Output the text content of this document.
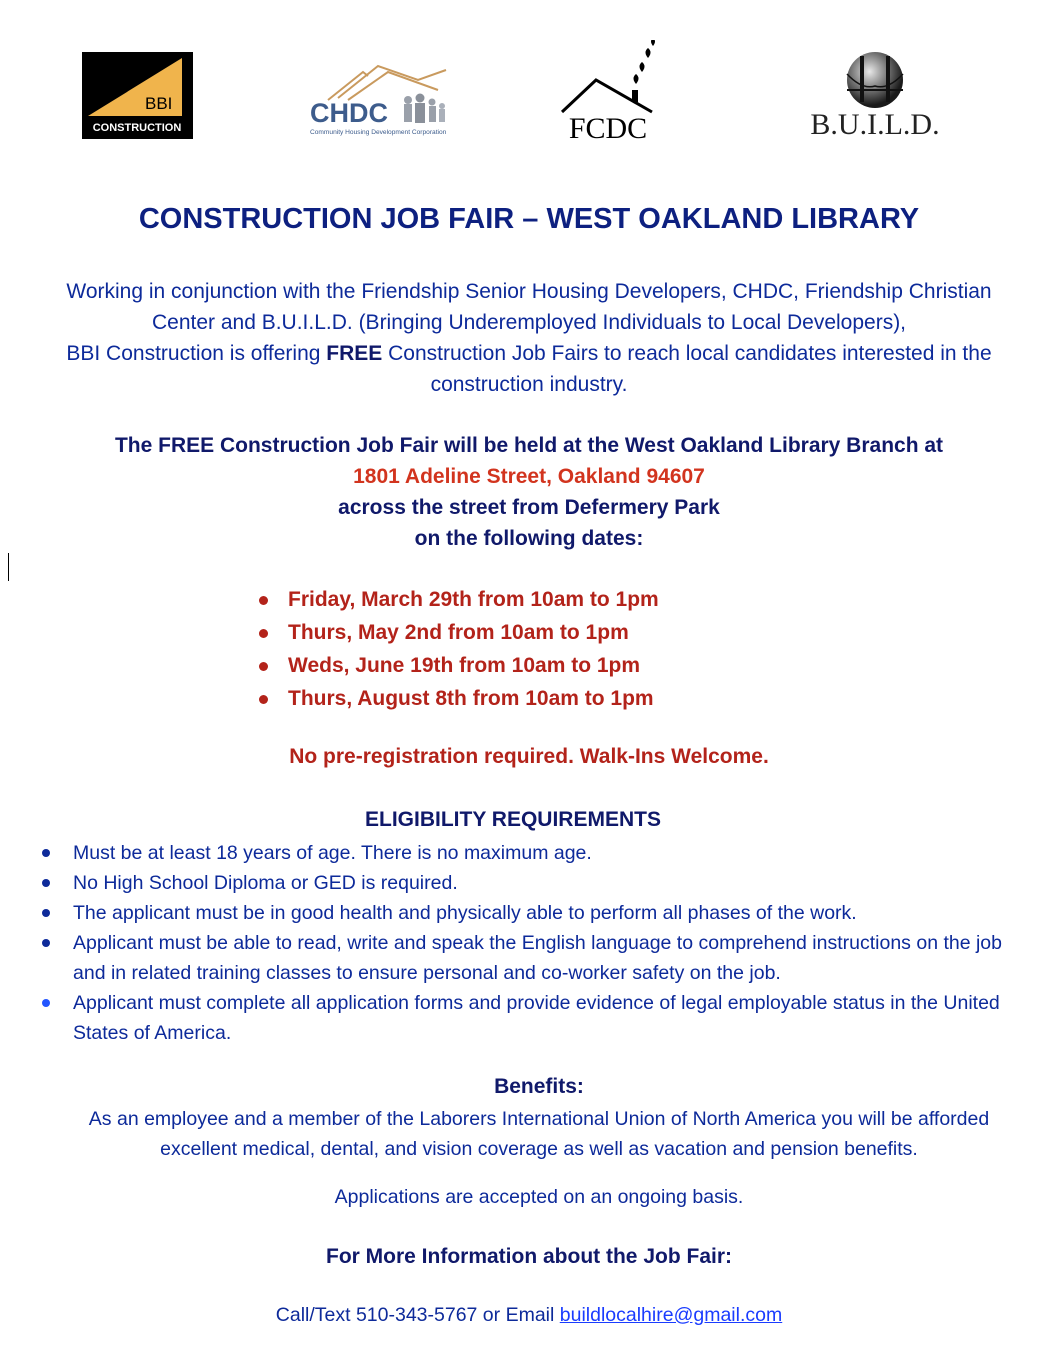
BBI
CONSTRUCTION	CHDC
Community Housing Development Corporation	FCDC	B.U.I.L.D.
CONSTRUCTION JOB FAIR – WEST OAKLAND LIBRARY
Working in conjunction with the Friendship Senior Housing Developers, CHDC, Friendship Christian
Center and B.U.I.L.D. (Bringing Underemployed Individuals to Local Developers),
BBI Construction is offering FREE Construction Job Fairs to reach local candidates interested in the
construction industry.
The FREE Construction Job Fair will be held at the West Oakland Library Branch at
1801 Adeline Street, Oakland 94607
across the street from Defermery Park
on the following dates:
Friday, March 29th from 10am to 1pm
Thurs, May 2nd from 10am to 1pm
Weds, June 19th from 10am to 1pm
Thurs, August 8th from 10am to 1pm
No pre-registration required. Walk-Ins Welcome.
ELIGIBILITY REQUIREMENTS
Must be at least 18 years of age. There is no maximum age.
No High School Diploma or GED is required.
The applicant must be in good health and physically able to perform all phases of the work.
Applicant must be able to read, write and speak the English language to comprehend instructions on the job and in related training classes to ensure personal and co-worker safety on the job.
Applicant must complete all application forms and provide evidence of legal employable status in the United States of America.
Benefits:
As an employee and a member of the Laborers International Union of North America you will be afforded
excellent medical, dental, and vision coverage as well as vacation and pension benefits.
Applications are accepted on an ongoing basis.
For More Information about the Job Fair:
Call/Text 510-343-5767 or Email buildlocalhire@gmail.com
